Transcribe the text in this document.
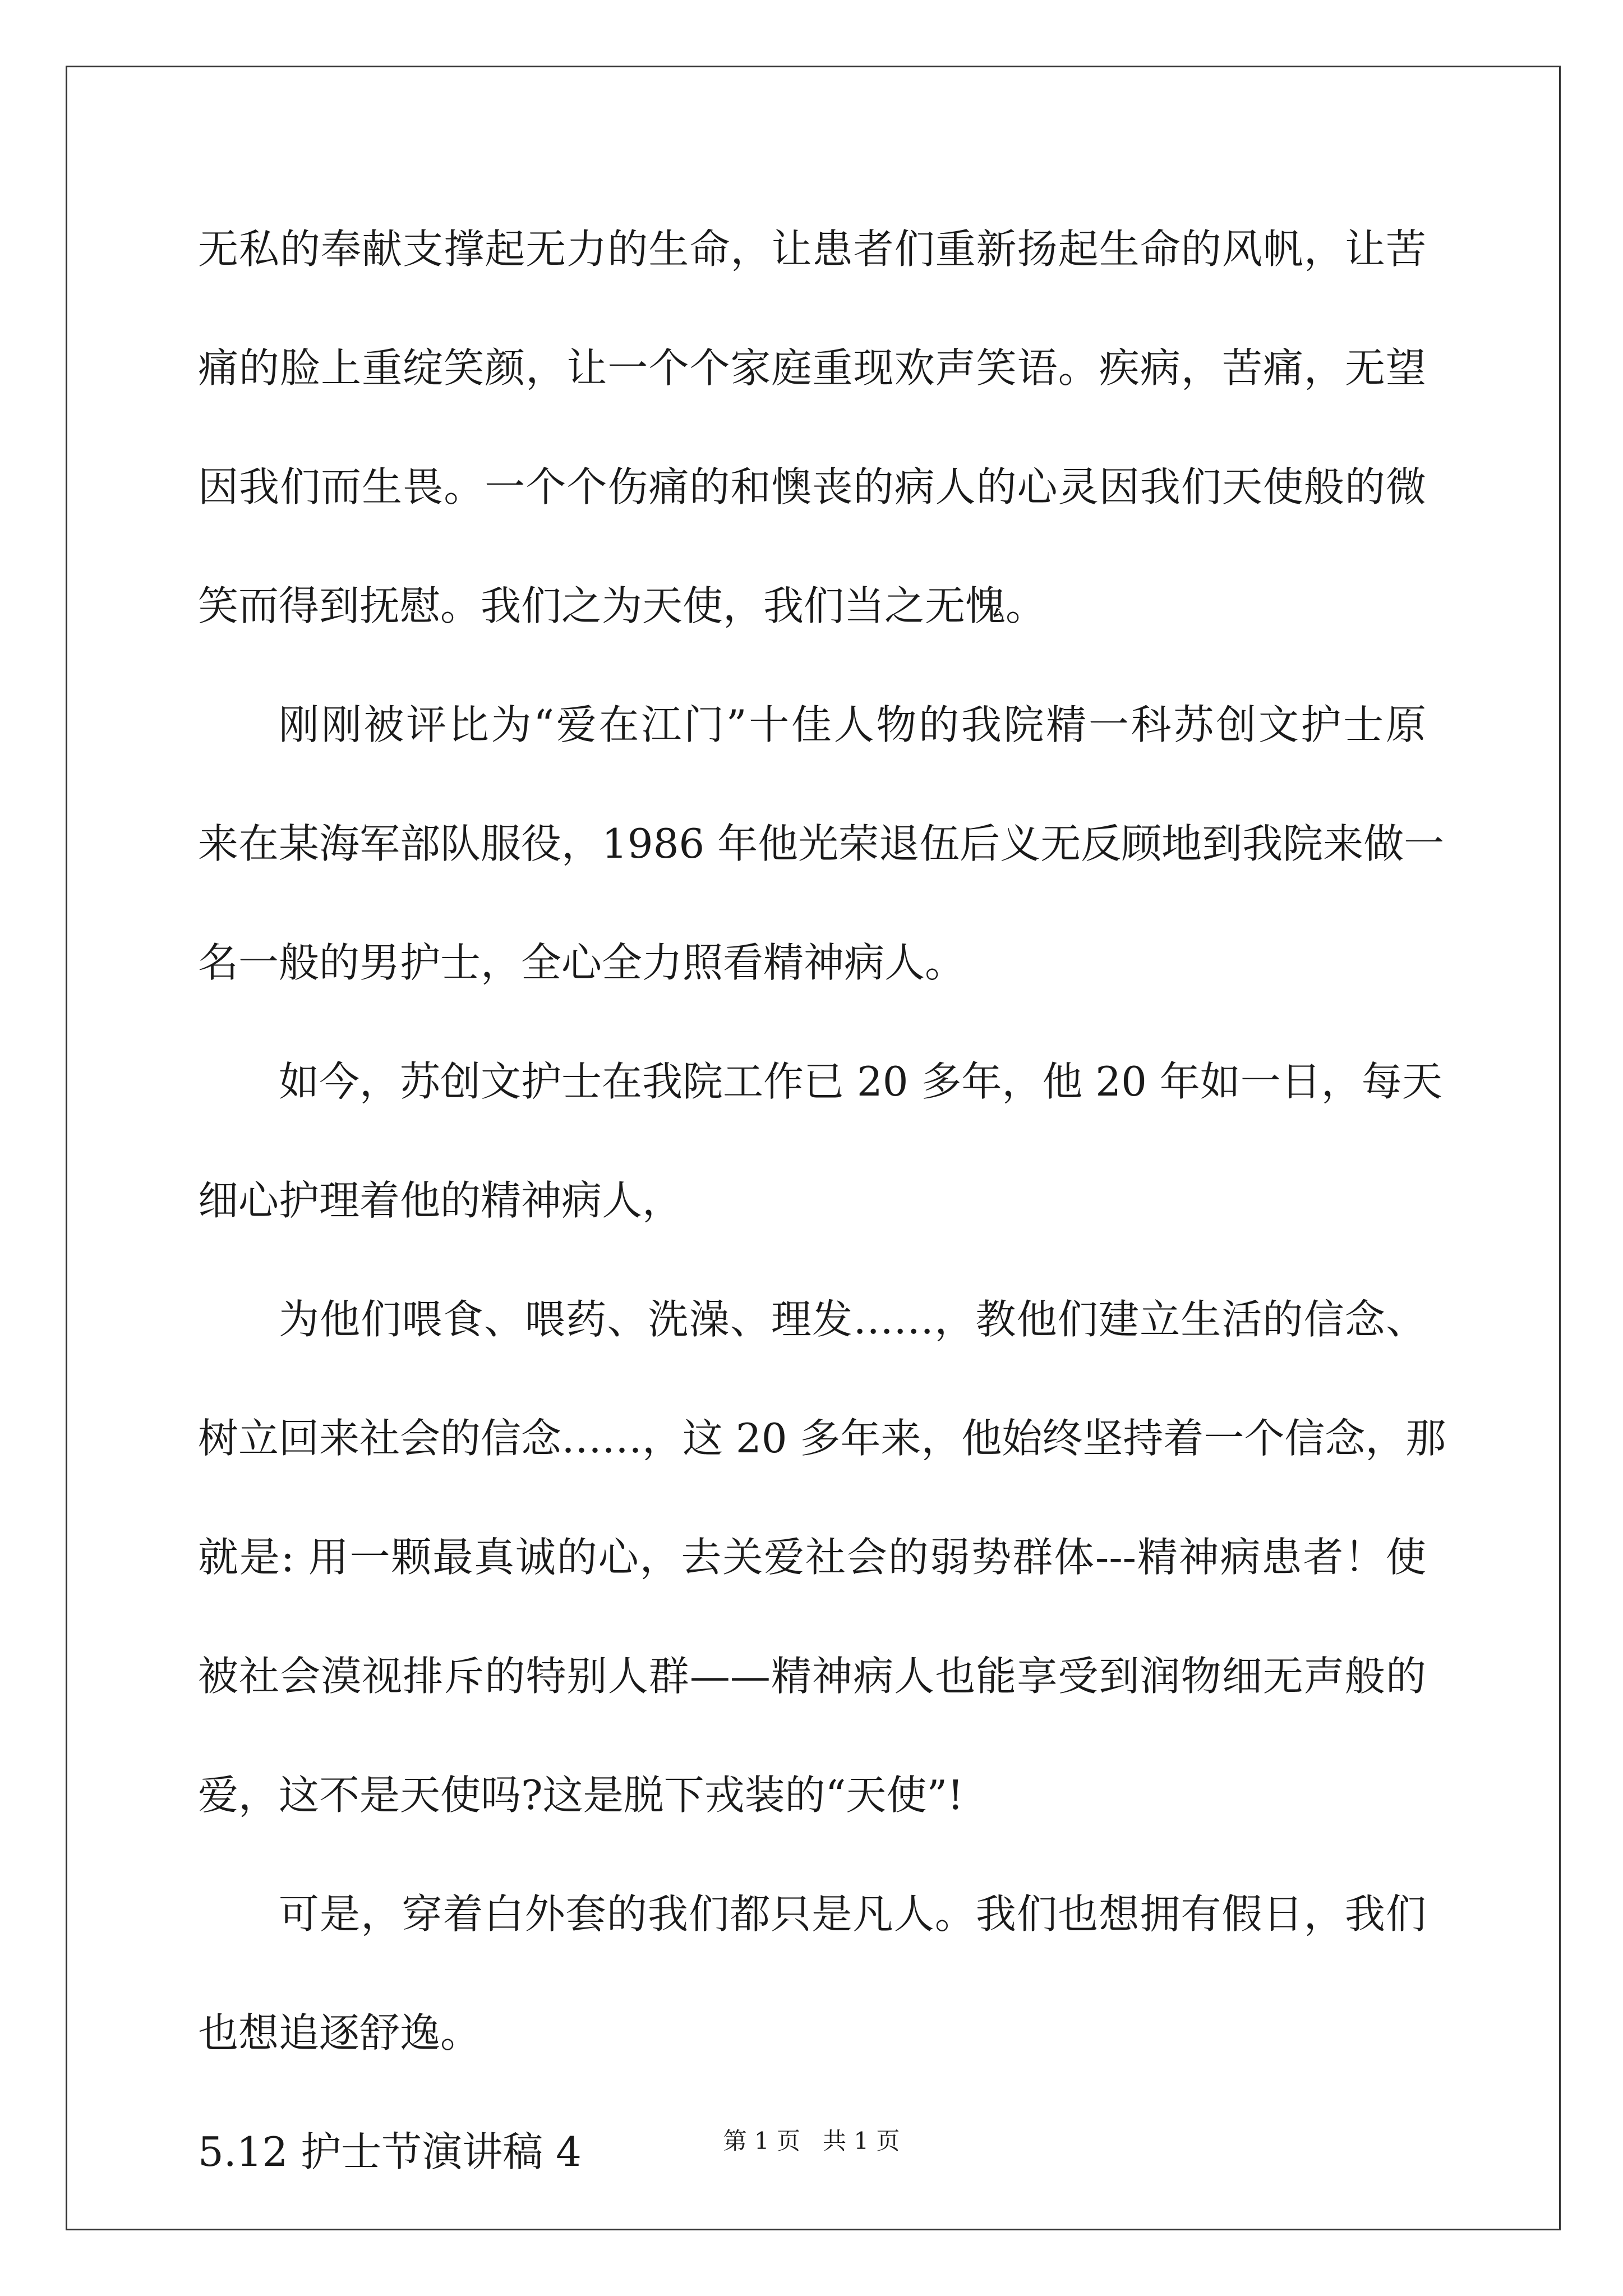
无私的奉献支撑起无力的生命，让患者们重新扬起生命的风帆，让苦
痛的脸上重绽笑颜，让一个个家庭重现欢声笑语。疾病，苦痛，无望
因我们而生畏。一个个伤痛的和懊丧的病人的心灵因我们天使般的微
笑而得到抚慰。我们之为天使，我们当之无愧。
刚刚被评比为“爱在江门”十佳人物的我院精一科苏创文护士原
来在某海军部队服役，1986 年他光荣退伍后义无反顾地到我院来做一
名一般的男护士，全心全力照看精神病人。
如今，苏创文护士在我院工作已 20 多年，他 20 年如一日，每天
细心护理着他的精神病人，
为他们喂食、喂药、洗澡、理发……，教他们建立生活的信念、
树立回来社会的信念……，这 20 多年来，他始终坚持着一个信念，那
就是: 用一颗最真诚的心，去关爱社会的弱势群体---精神病患者！使
被社会漠视排斥的特别人群——精神病人也能享受到润物细无声般的
爱，这不是天使吗?这是脱下戎装的“天使”!
可是，穿着白外套的我们都只是凡人。我们也想拥有假日，我们
也想追逐舒逸。
5.12 护士节演讲稿 4	第 1 页 共 1 页
